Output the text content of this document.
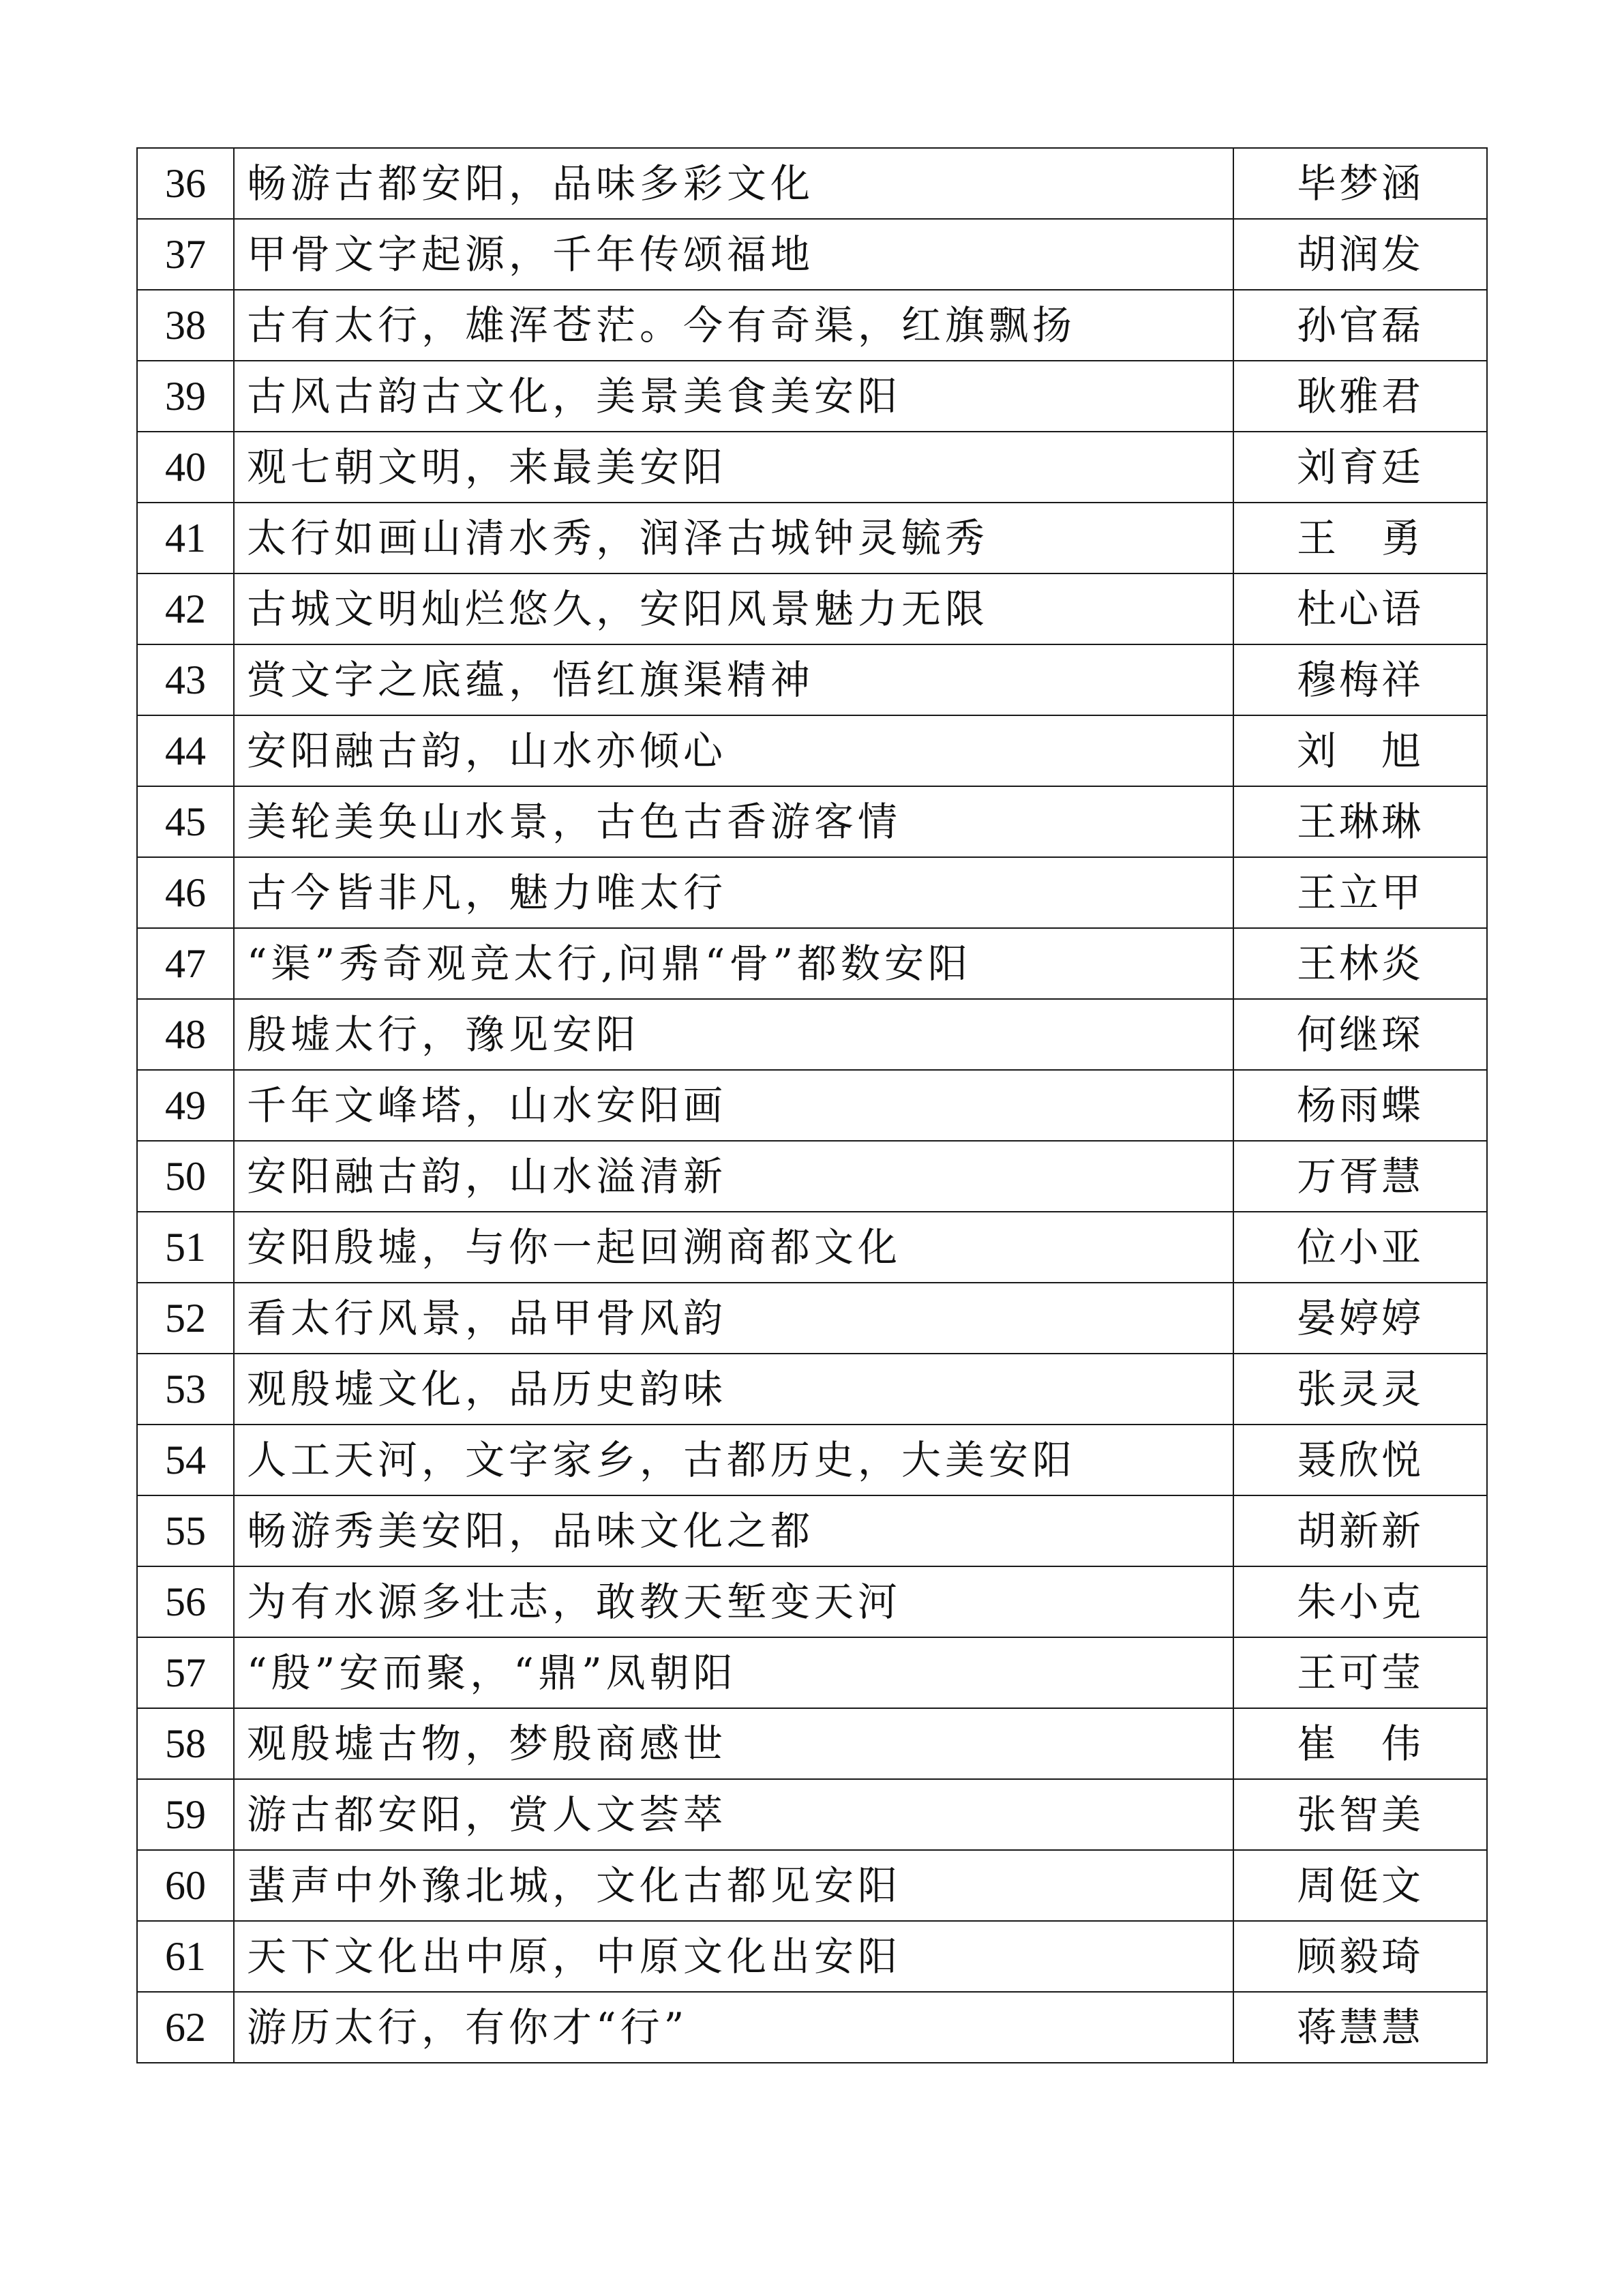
36	畅游古都安阳，品味多彩文化	毕梦涵
37	甲骨文字起源，千年传颂福地	胡润发
38	古有太行，雄浑苍茫。今有奇渠，红旗飘扬	孙官磊
39	古风古韵古文化，美景美食美安阳	耿雅君
40	观七朝文明，来最美安阳	刘育廷
41	太行如画山清水秀，润泽古城钟灵毓秀	王　勇
42	古城文明灿烂悠久，安阳风景魅力无限	杜心语
43	赏文字之底蕴，悟红旗渠精神	穆梅祥
44	安阳融古韵，山水亦倾心	刘　旭
45	美轮美奂山水景，古色古香游客情	王琳琳
46	古今皆非凡，魅力唯太行	王立甲
47	“渠”秀奇观竞太行,问鼎“骨”都数安阳	王林炎
48	殷墟太行，豫见安阳	何继琛
49	千年文峰塔，山水安阳画	杨雨蝶
50	安阳融古韵，山水溢清新	万胥慧
51	安阳殷墟，与你一起回溯商都文化	位小亚
52	看太行风景，品甲骨风韵	晏婷婷
53	观殷墟文化，品历史韵味	张灵灵
54	人工天河，文字家乡，古都历史，大美安阳	聂欣悦
55	畅游秀美安阳，品味文化之都	胡新新
56	为有水源多壮志，敢教天堑变天河	朱小克
57	“殷”安而聚，“鼎”凤朝阳	王可莹
58	观殷墟古物，梦殷商感世	崔　伟
59	游古都安阳，赏人文荟萃	张智美
60	蜚声中外豫北城，文化古都见安阳	周侹文
61	天下文化出中原，中原文化出安阳	顾毅琦
62	游历太行，有你才“行”	蒋慧慧
